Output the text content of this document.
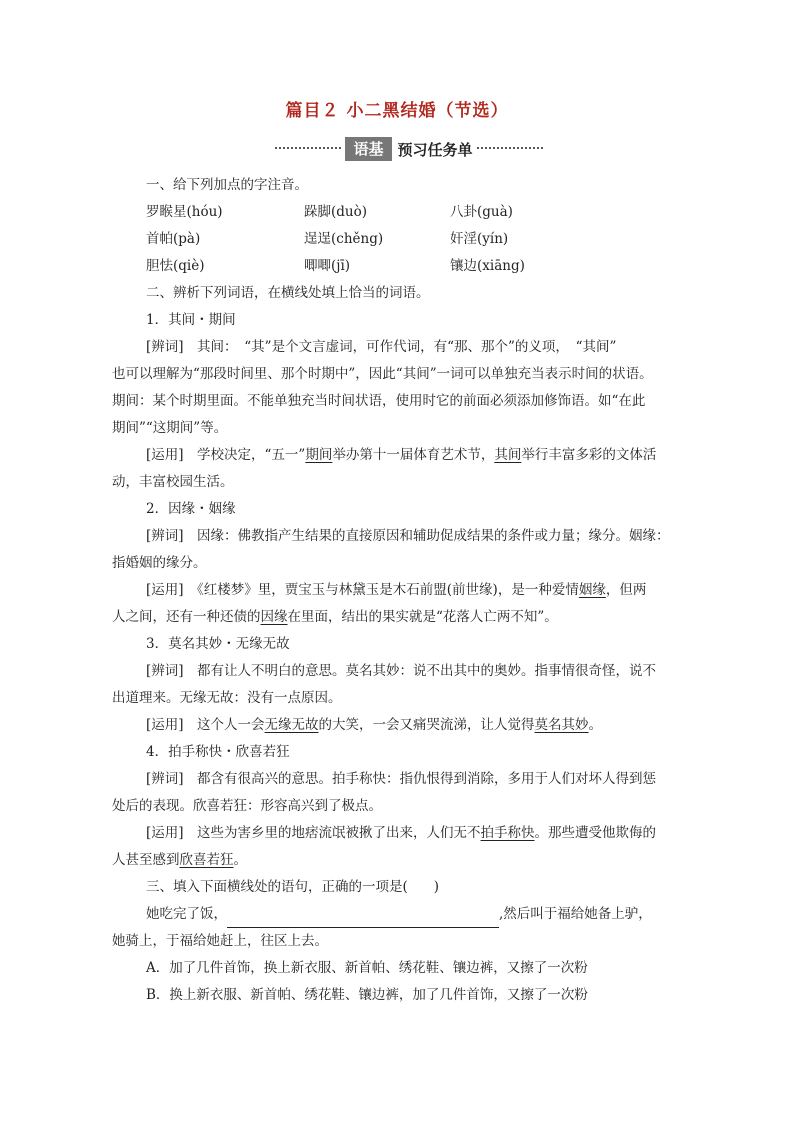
篇目２ 小二黑结婚（节选）
语基 预习任务单
一、给下列加点的字注音。
罗睺星(hóu)	跺脚(duò)	八卦(guà)
首帕(pà)	逞逞(chěng)	奸淫(yín)
胆怯(qiè)	唧唧(jī)	镶边(xiāng)
二、辨析下列词语，在横线处填上恰当的词语。
1．其间・期间
[辨词]　其间：　“其”是个文言虚词，可作代词，有“那、那个”的义项，　“其间”
也可以理解为“那段时间里、那个时期中”，因此“其间”一词可以单独充当表示时间的状语。
期间：某个时期里面。不能单独充当时间状语，使用时它的前面必须添加修饰语。如“在此
期间”“这期间”等。
[运用]　学校决定，“五一”期间举办第十一届体育艺术节，其间举行丰富多彩的文体活
动，丰富校园生活。
2．因缘・姻缘
[辨词]　因缘：佛教指产生结果的直接原因和辅助促成结果的条件或力量；缘分。姻缘：
指婚姻的缘分。
[运用]　《红楼梦》里，贾宝玉与林黛玉是木石前盟(前世缘)，是一种爱情姻缘，但两
人之间，还有一种还债的因缘在里面，结出的果实就是“花落人亡两不知”。
3．莫名其妙・无缘无故
[辨词]　都有让人不明白的意思。莫名其妙：说不出其中的奥妙。指事情很奇怪，说不
出道理来。无缘无故：没有一点原因。
[运用]　这个人一会无缘无故的大笑，一会又痛哭流涕，让人觉得莫名其妙。
4．拍手称快・欣喜若狂
[辨词]　都含有很高兴的意思。拍手称快：指仇恨得到消除，多用于人们对坏人得到惩
处后的表现。欣喜若狂：形容高兴到了极点。
[运用]　这些为害乡里的地痞流氓被揪了出来，人们无不拍手称快。那些遭受他欺侮的
人甚至感到欣喜若狂。
三、填入下面横线处的语句，正确的一项是( )
她吃完了饭，	,然后叫于福给她备上驴，
她骑上，于福给她赶上，往区上去。
A．加了几件首饰，换上新衣服、新首帕、绣花鞋、镶边裤，又擦了一次粉
B．换上新衣服、新首帕、绣花鞋、镶边裤，加了几件首饰，又擦了一次粉
